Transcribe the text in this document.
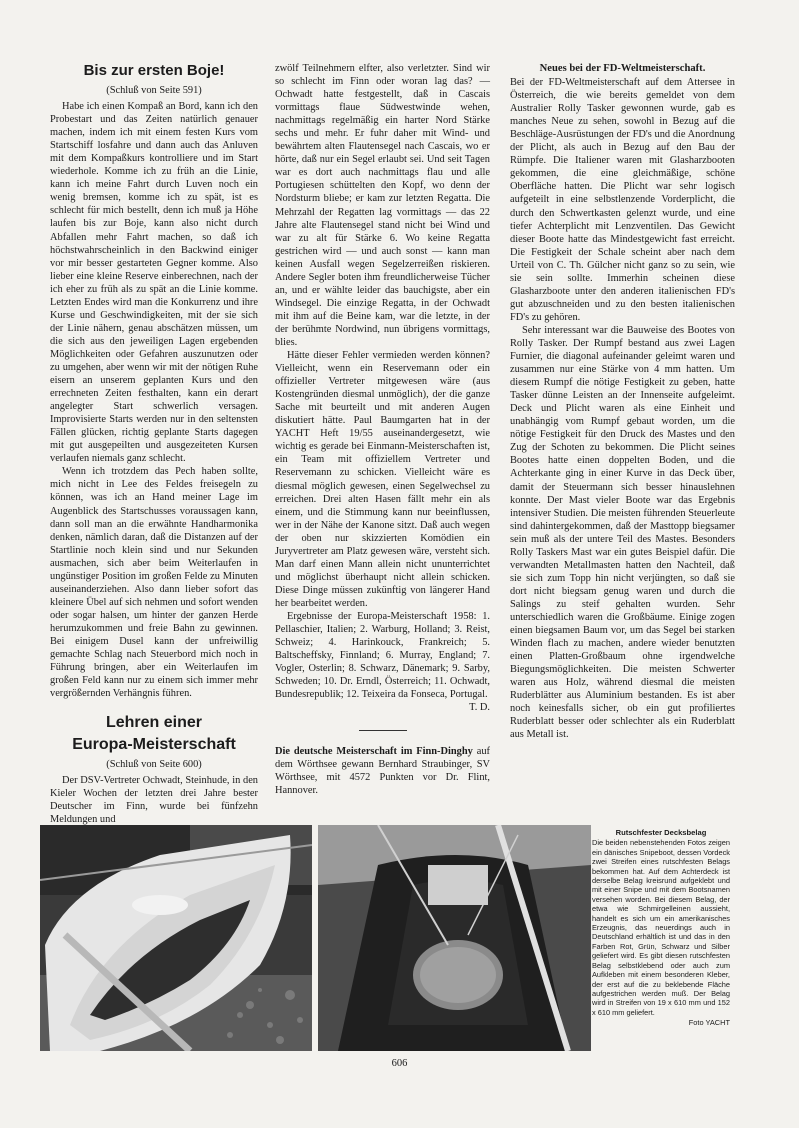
Bis zur ersten Boje!
(Schluß von Seite 591)

Habe ich einen Kompaß an Bord, kann ich den Probestart und das Zeiten natürlich genauer machen, indem ich mit einem festen Kurs vom Startschiff losfahre und dann auch das Anluven mit dem Kompaßkurs kontrolliere und im Start wiederhole. Komme ich zu früh an die Linie, kann ich meine Fahrt durch Luven noch ein wenig bremsen, komme ich zu spät, ist es schlecht für mich bestellt, denn ich muß ja Höhe laufen bis zur Boje, kann also nicht durch Abfallen mehr Fahrt machen, so daß ich höchstwahrscheinlich in den Backwind einiger vor mir besser gestarteten Gegner komme. Also lieber eine kleine Reserve einberechnen, nach der ich eher zu früh als zu spät an die Linie komme. Letzten Endes wird man die Konkurrenz und ihre Kurse und Geschwindigkeiten, mit der sie sich der Linie nähern, genau abschätzen müssen, um die sich aus den jeweiligen Lagen ergebenden Möglichkeiten oder Gefahren auszunutzen oder zu umgehen, aber wenn wir mit der nötigen Ruhe eisern an unserem geplanten Kurs und den errechneten Zeiten festhalten, kann ein derart angelegter Start schwerlich versagen. Improvisierte Starts werden nur in den seltensten Fällen glücken, richtig geplante Starts dagegen mit gut ausgepeilten und ausgezeiteten Kursen verlaufen niemals ganz schlecht.

Wenn ich trotzdem das Pech haben sollte, mich nicht in Lee des Feldes freisegeln zu können, was ich an Hand meiner Lage im Augenblick des Startschusses voraussagen kann, dann soll man an die erwähnte Handharmonika denken, nämlich daran, daß die Distanzen auf der Startlinie noch klein sind und nur Sekunden ausmachen, sich aber beim Weiterlaufen in ungünstiger Position im großen Felde zu Minuten auseinanderziehen. Also dann lieber sofort das kleinere Übel auf sich nehmen und sofort wenden oder sogar halsen, um hinter der ganzen Herde herumzukommen und freie Bahn zu gewinnen. Bei einigem Dusel kann der unfreiwillig gemachte Schlag nach Steuerbord mich noch in Führung bringen, aber ein Weiterlaufen im großen Feld kann nur zu einem sich immer mehr vergrößernden Verhängnis führen.

Lehren einer
Europa-Meisterschaft
(Schluß von Seite 600)

Der DSV-Vertreter Ochwadt, Steinhude, in den Kieler Wochen der letzten drei Jahre bester Deutscher im Finn, wurde bei fünfzehn Meldungen und

zwölf Teilnehmern elfter, also verletzter. Sind wir so schlecht im Finn oder woran lag das? — Ochwadt hatte festgestellt, daß in Cascais vormittags flaue Südwestwinde wehen, nachmittags regelmäßig ein harter Nord Stärke sechs und mehr. Er fuhr daher mit Wind- und bewährtem alten Flautensegel nach Cascais, wo er hörte, daß nur ein Segel erlaubt sei. Und seit Tagen war es dort auch nachmittags flau und alle Portugiesen schüttelten den Kopf, wo denn der Nordsturm bliebe; er kam zur letzten Regatta. Die Mehrzahl der Regatten lag vormittags — das 22 Jahre alte Flautensegel stand nicht bei Wind und war zu alt für Stärke 6. Wo keine Regatta gestrichen wird — und auch sonst — kann man keinen Ausfall wegen Segelzerreißen riskieren. Andere Segler boten ihm freundlicherweise Tücher an, und er wählte leider das bauchigste, aber ein Windsegel. Die einzige Regatta, in der Ochwadt mit ihm auf die Beine kam, war die letzte, in der der berühmte Nordwind, nun übrigens vormittags, blies.

Hätte dieser Fehler vermieden werden können? Vielleicht, wenn ein Reservemann oder ein offizieller Vertreter mitgewesen wäre (aus Kostengründen diesmal unmöglich), der die ganze Sache mit beurteilt und mit anderen Augen diskutiert hätte. Paul Baumgarten hat in der YACHT Heft 19/55 auseinandergesetzt, wie wichtig es gerade bei Einmann-Meisterschaften ist, ein Team mit offiziellem Vertreter und Reservemann zu schicken. Vielleicht wäre es diesmal möglich gewesen, einen Segelwechsel zu erreichen. Drei alten Hasen fällt mehr ein als einem, und die Stimmung kann nur beeinflussen, wer in der Nähe der Kanone sitzt. Daß auch wegen der oben nur skizzierten Komödien ein Juryvertreter am Platz gewesen wäre, versteht sich. Man darf einen Mann allein nicht ununterrichtet und möglichst überhaupt nicht allein schicken. Diese Dinge müssen zukünftig von längerer Hand her bearbeitet werden.

Ergebnisse der Europa-Meisterschaft 1958: 1. Pellaschier, Italien; 2. Warburg, Holland; 3. Reist, Schweiz; 4. Harinkouck, Frankreich; 5. Baltscheffsky, Finnland; 6. Murray, England; 7. Vogler, Osterlin; 8. Schwarz, Dänemark; 9. Sarby, Schweden; 10. Dr. Erndl, Österreich; 11. Ochwadt, Bundesrepublik; 12. Teixeira da Fonseca, Portugal.

T. D.

Die deutsche Meisterschaft im Finn-Dinghy auf dem Wörthsee gewann Bernhard Straubinger, SV Wörthsee, mit 4572 Punkten vor Dr. Flint, Hannover.

Neues bei der FD-Weltmeisterschaft.

Bei der FD-Weltmeisterschaft auf dem Attersee in Österreich, die wie bereits gemeldet von dem Australier Rolly Tasker gewonnen wurde, gab es manches Neue zu sehen, sowohl in Bezug auf die Beschläge-Ausrüstungen der FD's und die Anordnung der Plicht, als auch in Bezug auf den Bau der Rümpfe. Die Italiener waren mit Glasharzbooten gekommen, die eine gleichmäßige, schöne Oberfläche hatten. Die Plicht war sehr logisch aufgeteilt in eine selbstlenzende Vorderplicht, die durch den Schwertkasten gelenzt wurde, und eine tiefer Achterplicht mit Lenzventilen. Das Gewicht dieser Boote hatte das Mindestgewicht fast erreicht. Die Festigkeit der Schale scheint aber nach dem Urteil von C. Th. Gülcher nicht ganz so zu sein, wie sie sein sollte. Immerhin scheinen diese Glasharzboote unter den anderen italienischen FD's gut abzuschneiden und zu den besten italienischen FD's zu gehören.

Sehr interessant war die Bauweise des Bootes von Rolly Tasker. Der Rumpf bestand aus zwei Lagen Furnier, die diagonal aufeinander geleimt waren und zusammen nur eine Stärke von 4 mm hatten. Um diesem Rumpf die nötige Festigkeit zu geben, hatte Tasker dünne Leisten an der Innenseite aufgeleimt. Deck und Plicht waren als eine Einheit und unabhängig vom Rumpf gebaut worden, um die nötige Festigkeit für den Druck des Mastes und den Zug der Schoten zu bekommen. Die Plicht seines Bootes hatte einen doppelten Boden, und die Achterkante ging in einer Kurve in das Deck über, damit der Steuermann sich besser hinauslehnen konnte. Der Mast vieler Boote war das Ergebnis intensiver Studien. Die meisten führenden Steuerleute sind dahintergekommen, daß der Masttopp biegsamer sein muß als der untere Teil des Mastes. Besonders Rolly Taskers Mast war ein gutes Beispiel dafür. Die verwandten Metallmasten hatten den Nachteil, daß sie sich zum Topp hin nicht verjüngten, so daß sie dort nicht biegsam genug waren und durch die Salings zu steif gehalten wurden. Sehr unterschiedlich waren die Großbäume. Einige zogen einen biegsamen Baum vor, um das Segel bei starken Winden flach zu machen, andere wieder benutzten einen Platten-Großbaum ohne irgendwelche Biegungsmöglichkeiten. Die meisten Schwerter waren aus Holz, während diesmal die meisten Ruderblätter aus Aluminium bestanden. Es ist aber noch keinesfalls sicher, ob ein gut profiliertes Ruderblatt besser oder schlechter als ein Ruderblatt aus Metall ist.

Rutschfester Decksbelag
Die beiden nebenstehenden Fotos zeigen ein dänisches Snipeboot, dessen Vordeck zwei Streifen eines rutschfesten Belags bekommen hat. Auf dem Achterdeck ist derselbe Belag kreisrund aufgeklebt und mit einer Snipe und mit dem Bootsnamen versehen worden. Bei diesem Belag, der etwa wie Schmirgelleinen aussieht, handelt es sich um ein amerikanisches Erzeugnis, das neuerdings auch in Deutschland erhältlich ist und das in den Farben Rot, Grün, Schwarz und Silber geliefert wird. Es gibt diesen rutschfesten Belag selbstklebend oder auch zum Aufkleben mit einem besonderen Kleber, der erst auf die zu beklebende Fläche aufgestrichen werden muß. Der Belag wird in Streifen von 19 x 610 mm und 152 x 610 mm geliefert.
Foto YACHT
606
